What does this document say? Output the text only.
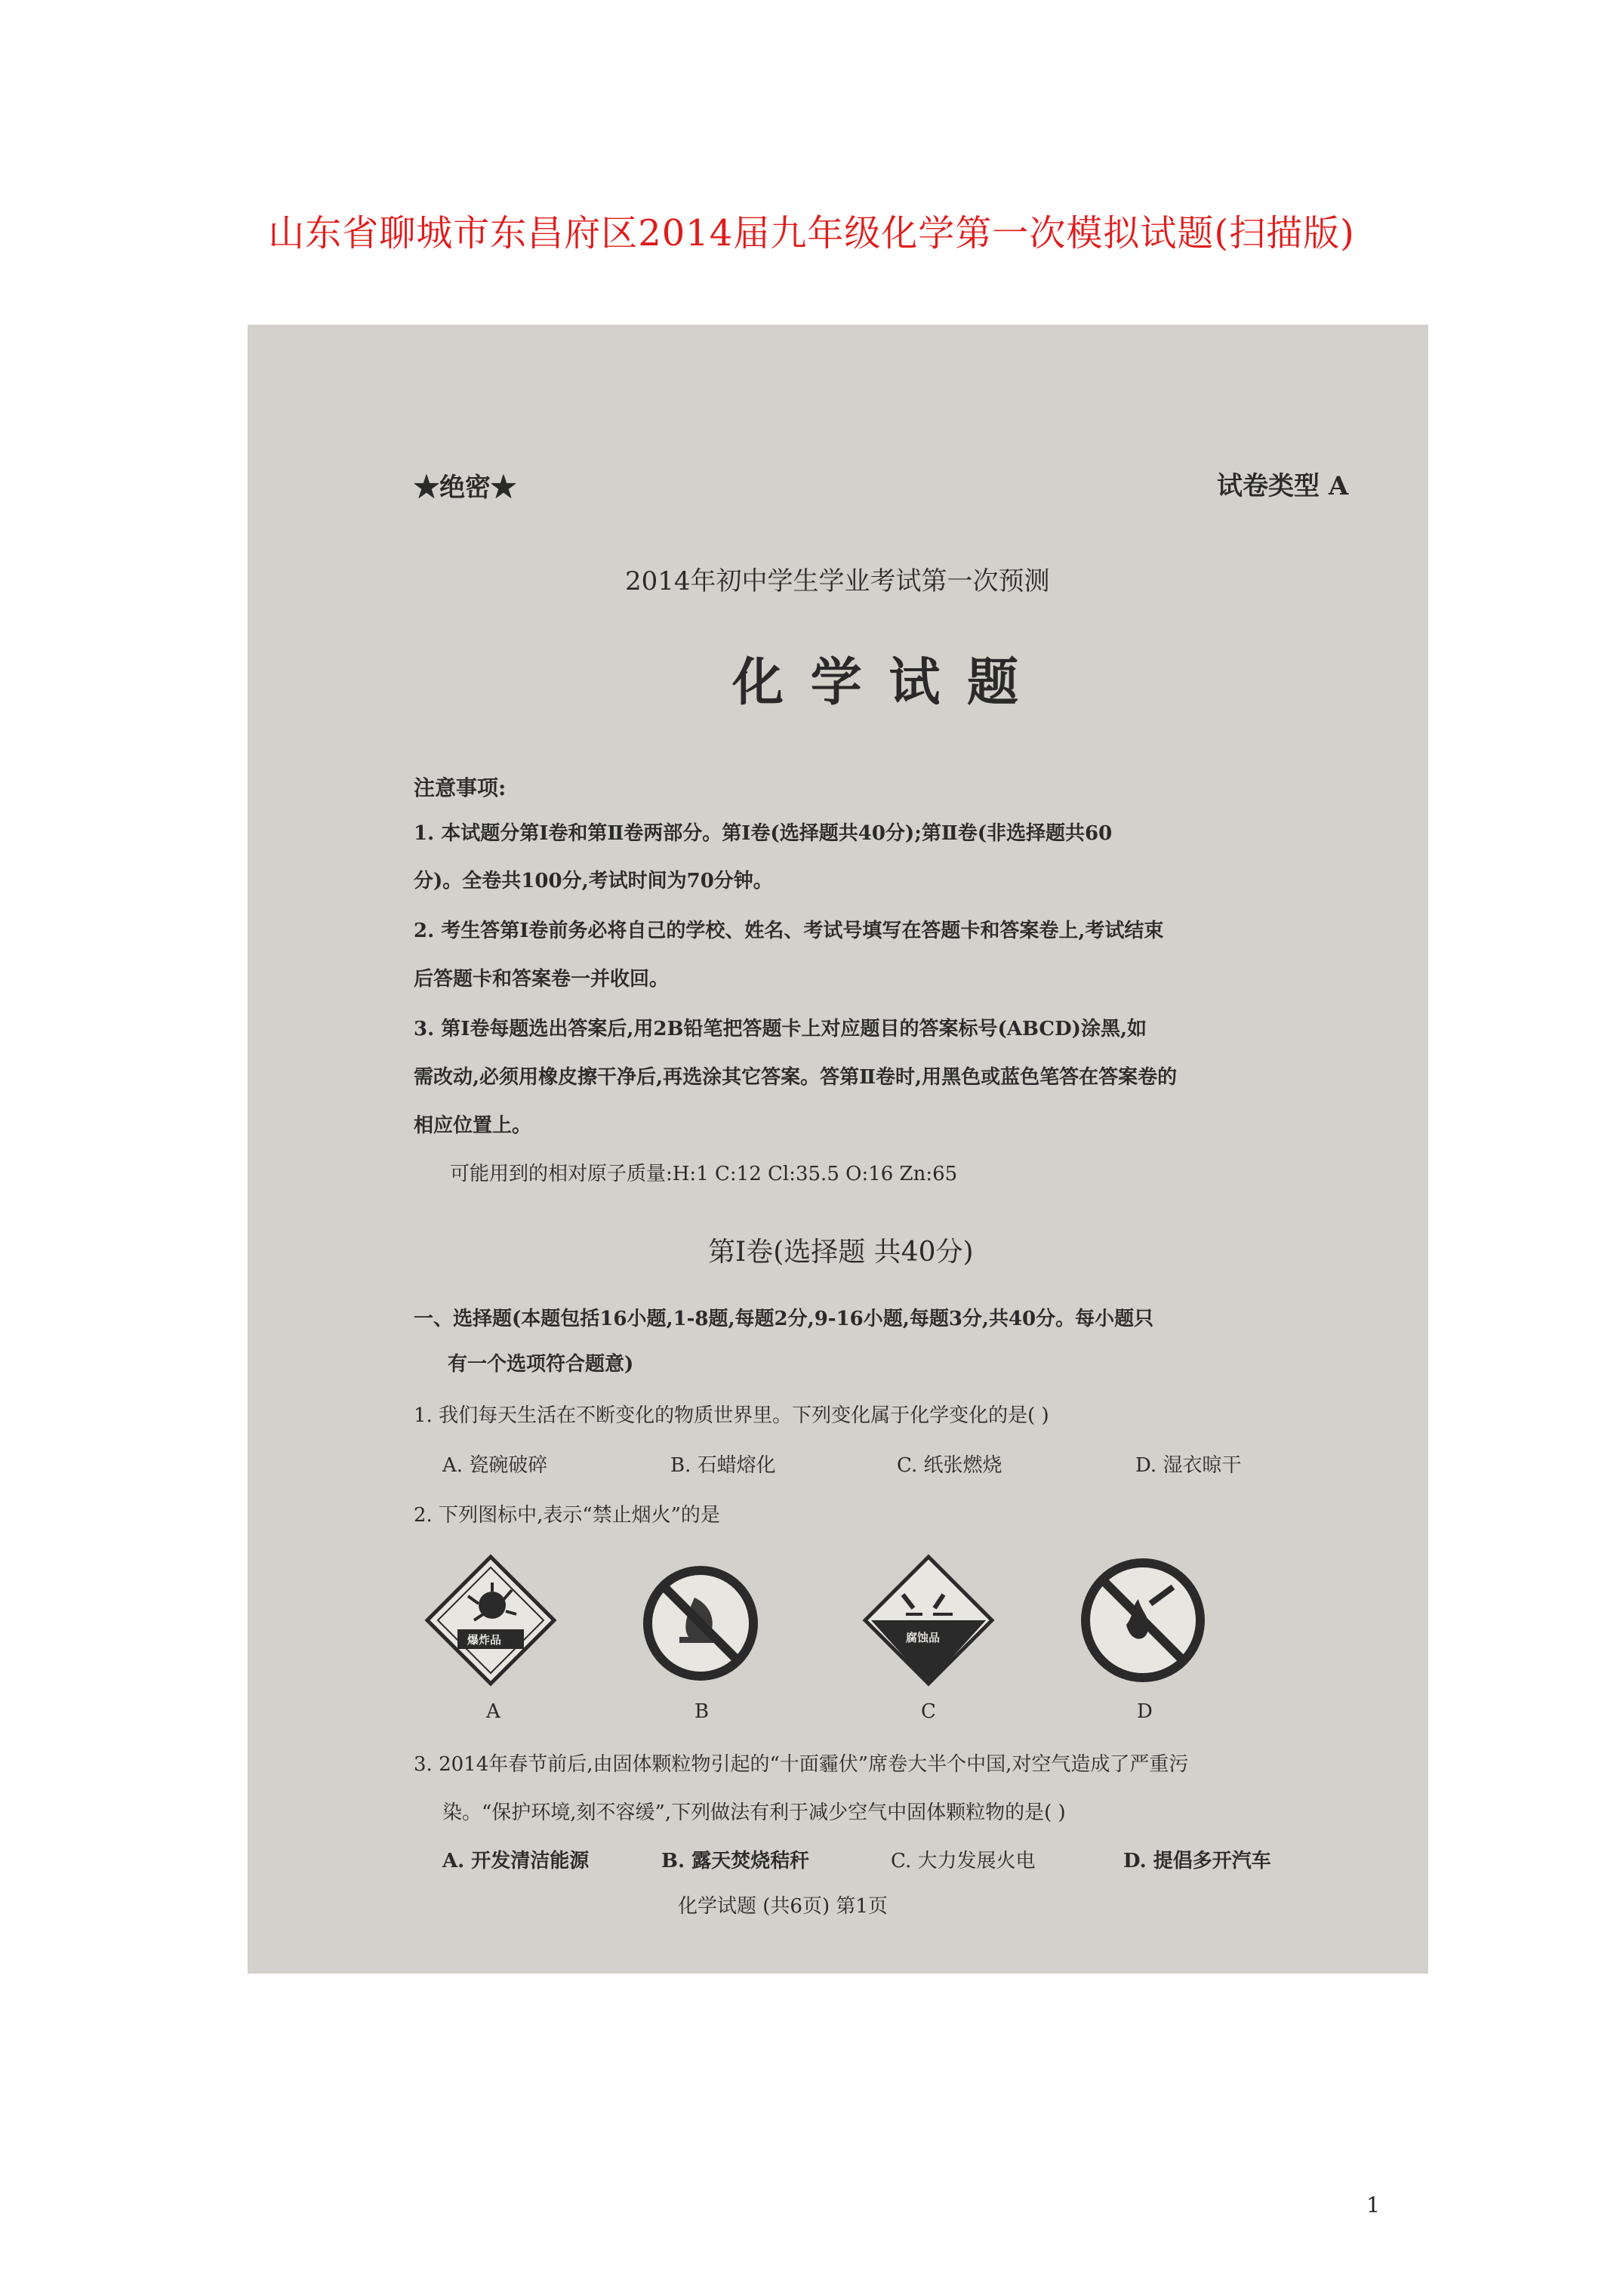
山东省聊城市东昌府区2014届九年级化学第一次模拟试题(扫描版)
★绝密★	试卷类型 A
2014年初中学生学业考试第一次预测
化 学 试 题
注意事项:
1. 本试题分第Ⅰ卷和第Ⅱ卷两部分。第Ⅰ卷(选择题共40分);第Ⅱ卷(非选择题共60
分)。全卷共100分,考试时间为70分钟。
2. 考生答第Ⅰ卷前务必将自己的学校、姓名、考试号填写在答题卡和答案卷上,考试结束
后答题卡和答案卷一并收回。
3. 第Ⅰ卷每题选出答案后,用2B铅笔把答题卡上对应题目的答案标号(ABCD)涂黑,如
需改动,必须用橡皮擦干净后,再选涂其它答案。答第Ⅱ卷时,用黑色或蓝色笔答在答案卷的
相应位置上。
可能用到的相对原子质量:H:1 C:12 Cl:35.5 O:16 Zn:65
第Ⅰ卷(选择题 共40分)
一、选择题(本题包括16小题,1-8题,每题2分,9-16小题,每题3分,共40分。每小题只
有一个选项符合题意)
1. 我们每天生活在不断变化的物质世界里。下列变化属于化学变化的是( )
A. 瓷碗破碎	B. 石蜡熔化	C. 纸张燃烧	D. 湿衣晾干
2. 下列图标中,表示“禁止烟火”的是
爆炸品	腐蚀品
A	B	C	D
3. 2014年春节前后,由固体颗粒物引起的“十面霾伏”席卷大半个中国,对空气造成了严重污
染。“保护环境,刻不容缓”,下列做法有利于减少空气中固体颗粒物的是( )
A. 开发清洁能源	B. 露天焚烧秸秆	C. 大力发展火电	D. 提倡多开汽车
化学试题 (共6页) 第1页
1
